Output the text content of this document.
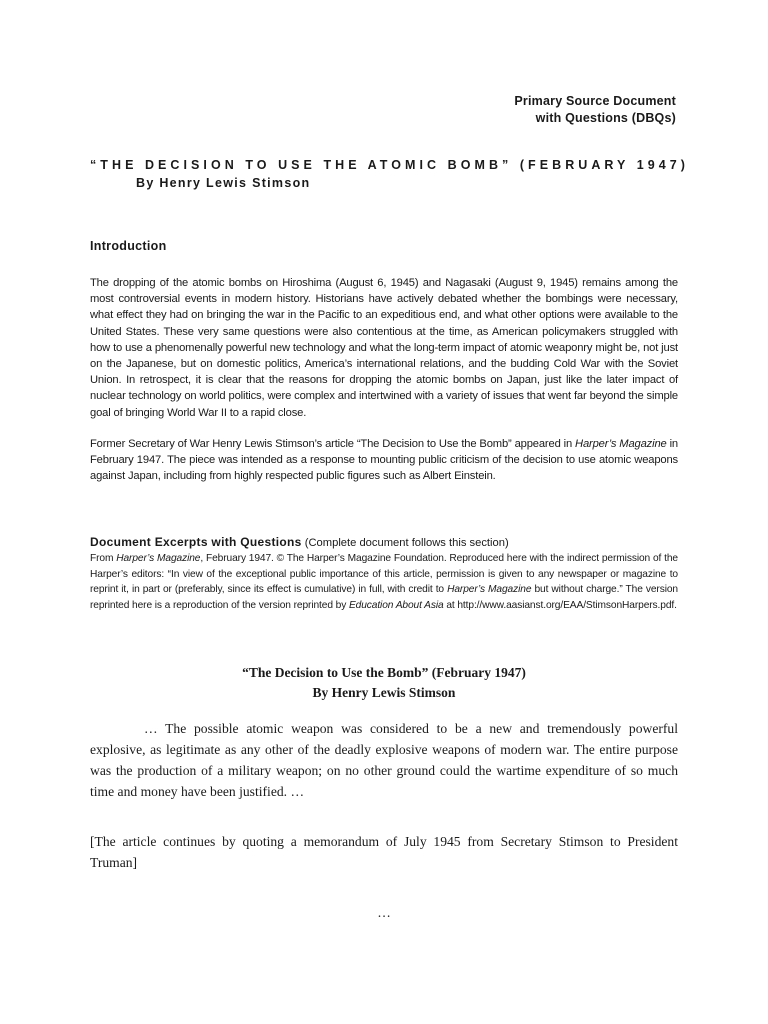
Primary Source Document
with Questions (DBQs)
“THE DECISION TO USE THE ATOMIC BOMB” (FEBRUARY 1947)
By Henry Lewis Stimson
Introduction
The dropping of the atomic bombs on Hiroshima (August 6, 1945) and Nagasaki (August 9, 1945) remains among the most controversial events in modern history. Historians have actively debated whether the bombings were necessary, what effect they had on bringing the war in the Pacific to an expeditious end, and what other options were available to the United States. These very same questions were also contentious at the time, as American policymakers struggled with how to use a phenomenally powerful new technology and what the long-term impact of atomic weaponry might be, not just on the Japanese, but on domestic politics, America’s international relations, and the budding Cold War with the Soviet Union. In retrospect, it is clear that the reasons for dropping the atomic bombs on Japan, just like the later impact of nuclear technology on world politics, were complex and intertwined with a variety of issues that went far beyond the simple goal of bringing World War II to a rapid close.
Former Secretary of War Henry Lewis Stimson’s article “The Decision to Use the Bomb” appeared in Harper’s Magazine in February 1947. The piece was intended as a response to mounting public criticism of the decision to use atomic weapons against Japan, including from highly respected public figures such as Albert Einstein.
Document Excerpts with Questions (Complete document follows this section)
From Harper’s Magazine, February 1947. © The Harper’s Magazine Foundation. Reproduced here with the indirect permission of the Harper’s editors: “In view of the exceptional public importance of this article, permission is given to any newspaper or magazine to reprint it, in part or (preferably, since its effect is cumulative) in full, with credit to Harper’s Magazine but without charge.” The version reprinted here is a reproduction of the version reprinted by Education About Asia at http://www.aasianst.org/EAA/StimsonHarpers.pdf.
“The Decision to Use the Bomb” (February 1947)
By Henry Lewis Stimson
… The possible atomic weapon was considered to be a new and tremendously powerful explosive, as legitimate as any other of the deadly explosive weapons of modern war. The entire purpose was the production of a military weapon; on no other ground could the wartime expenditure of so much time and money have been justified. …
[The article continues by quoting a memorandum of July 1945 from Secretary Stimson to President Truman]
…
